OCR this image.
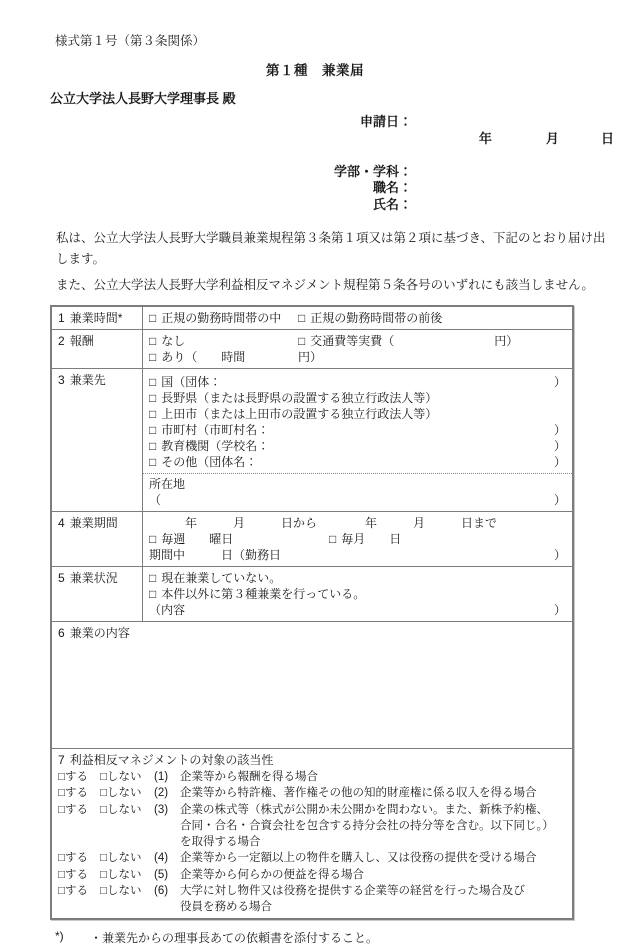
様式第１号（第３条関係）
第１種　兼業届
公立大学法人長野大学理事長 殿
申請日：

年	月	日

学部・学科：
職名：
氏名：

私は、公立大学法人長野大学職員兼業規程第３条第１項又は第２項に基づき、下記のとおり届け出します。

また、公立大学法人長野大学利益相反マネジメント規程第５条各号のいずれにも該当しません。

1 兼業時間*	□ 正規の勤務時間帯の中 □ 正規の勤務時間帯の前後

2 報酬	□ なし	□ 交通費等実費（	円）
□ あり（　　時間	円）

3 兼業先	□ 国（団体：	）
□ 長野県（または長野県の設置する独立行政法人等）
□ 上田市（または上田市の設置する独立行政法人等）
□ 市町村（市町村名：	）
□ 教育機関（学校名：	）
□ その他（団体名：	）
所在地
（	）

4 兼業期間	年　　　月　　　日から　　　　年　　　月　　　日まで
□ 毎週　　曜日	□ 毎月　　日
期間中　　　日（勤務日	）

5 兼業状況	□ 現在兼業していない。
□ 本件以外に第３種兼業を行っている。
（内容	）

6 兼業の内容	

7 利益相反マネジメントの対象の該当性
□する	□しない	(1)	企業等から報酬を得る場合
□する	□しない	(2)	企業等から特許権、著作権その他の知的財産権に係る収入を得る場合
□する	□しない	(3)	企業の株式等（株式が公開か未公開かを問わない。また、新株予約権、
合同・合名・合資会社を包含する持分会社の持分等を含む。以下同じ。）
を取得する場合
□する	□しない	(4)	企業等から一定額以上の物件を購入し、又は役務の提供を受ける場合
□する	□しない	(5)	企業等から何らかの便益を得る場合
□する	□しない	(6)	大学に対し物件又は役務を提供する企業等の経営を行った場合及び
役員を務める場合
*)	・兼業先からの理事長あての依頼書を添付すること。
